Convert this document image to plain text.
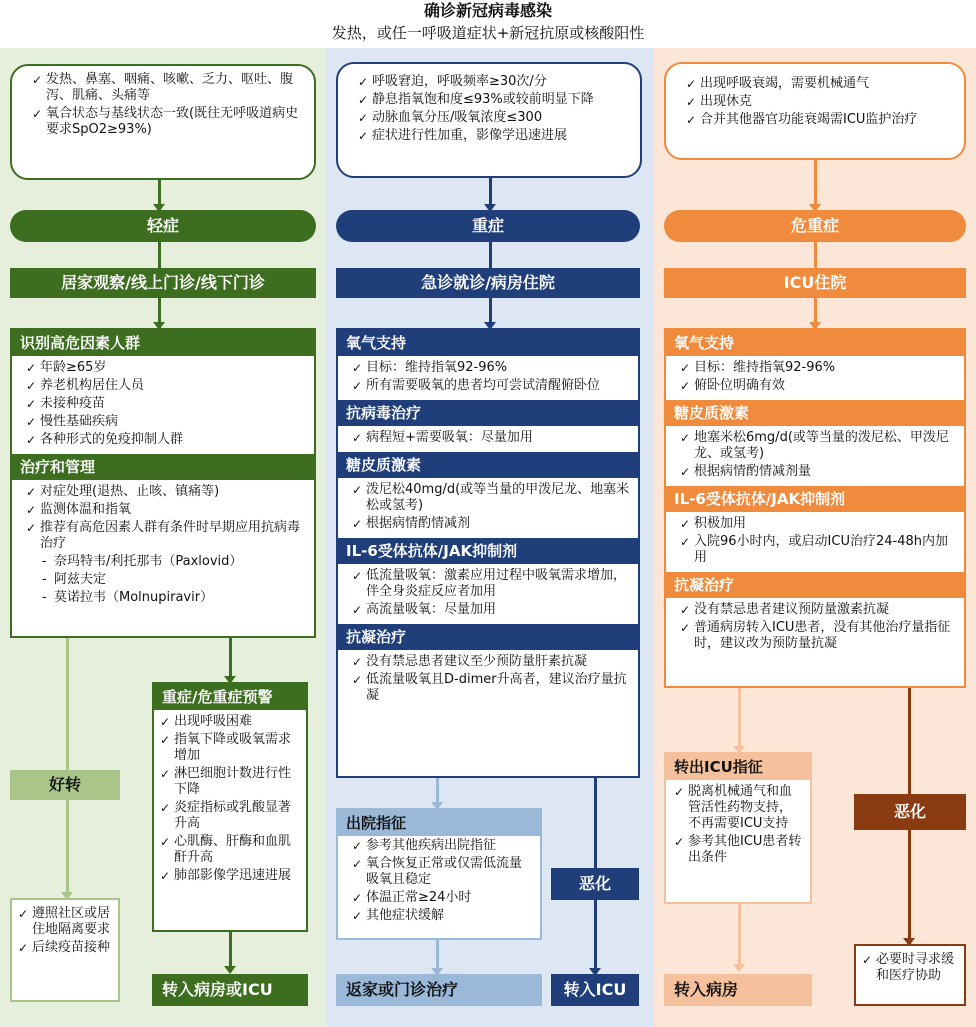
确诊新冠病毒感染
发热，或任一呼吸道症状+新冠抗原或核酸阳性
✓ 发热、鼻塞、咽痛、咳嗽、乏力、呕吐、腹泻、肌痛、头痛等
✓ 氧合状态与基线状态一致(既往无呼吸道病史要求SpO2≥93%)
轻症
居家观察/线上门诊/线下门诊
识别高危因素人群
✓ 年龄≥65岁
✓ 养老机构居住人员
✓ 未接种疫苗
✓ 慢性基础疾病
✓ 各种形式的免疫抑制人群
治疗和管理
✓ 对症处理(退热、止咳、镇痛等)
✓ 监测体温和指氧
✓ 推荐有高危因素人群有条件时早期应用抗病毒治疗
- 奈玛特韦/利托那韦（Paxlovid）
- 阿兹夫定
- 莫诺拉韦（Molnupiravir）
好转
✓ 遵照社区或居住地隔离要求
✓ 后续疫苗接种
重症/危重症预警
✓ 出现呼吸困难
✓ 指氧下降或吸氧需求增加
✓ 淋巴细胞计数进行性下降
✓ 炎症指标或乳酸显著升高
✓ 心肌酶、肝酶和血肌酐升高
✓ 肺部影像学迅速进展
转入病房或ICU
✓ 呼吸窘迫，呼吸频率≥30次/分
✓ 静息指氧饱和度≤93%或较前明显下降
✓ 动脉血氧分压/吸氧浓度≤300
✓ 症状进行性加重，影像学迅速进展
重症
急诊就诊/病房住院
氧气支持
✓ 目标：维持指氧92-96%
✓ 所有需要吸氧的患者均可尝试清醒俯卧位
抗病毒治疗
✓ 病程短+需要吸氧：尽量加用
糖皮质激素
✓ 泼尼松40mg/d(或等当量的甲泼尼龙、地塞米松或氢考)
✓ 根据病情酌情减剂
IL-6受体抗体/JAK抑制剂
✓ 低流量吸氧：激素应用过程中吸氧需求增加，伴全身炎症反应者加用
✓ 高流量吸氧：尽量加用
抗凝治疗
✓ 没有禁忌患者建议至少预防量肝素抗凝
✓ 低流量吸氧且D-dimer升高者，建议治疗量抗凝
出院指征
✓ 参考其他疾病出院指征
✓ 氧合恢复正常或仅需低流量吸氧且稳定
✓ 体温正常≥24小时
✓ 其他症状缓解
恶化
返家或门诊治疗	转入ICU
✓ 出现呼吸衰竭，需要机械通气
✓ 出现休克
✓ 合并其他器官功能衰竭需ICU监护治疗
危重症
ICU住院
氧气支持
✓ 目标：维持指氧92-96%
✓ 俯卧位明确有效
糖皮质激素
✓ 地塞米松6mg/d(或等当量的泼尼松、甲泼尼龙、或氢考)
✓ 根据病情酌情减剂量
IL-6受体抗体/JAK抑制剂
✓ 积极加用
✓ 入院96小时内，或启动ICU治疗24-48h内加用
抗凝治疗
✓ 没有禁忌患者建议预防量激素抗凝
✓ 普通病房转入ICU患者，没有其他治疗量指征时，建议改为预防量抗凝
转出ICU指征
✓ 脱离机械通气和血管活性药物支持，不再需要ICU支持
✓ 参考其他ICU患者转出条件
转入病房
恶化
✓ 必要时寻求缓和医疗协助
